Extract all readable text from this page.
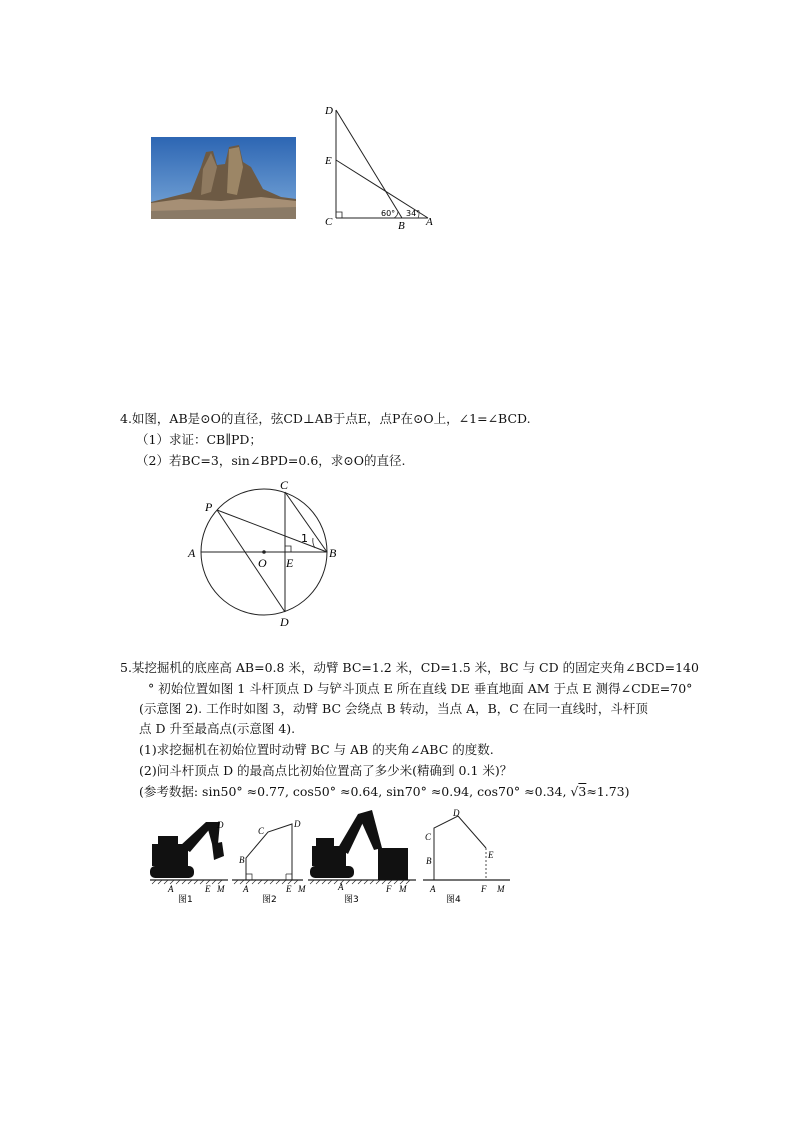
D
E
C	B A
60° 34°
4.如图，AB是⊙O的直径，弦CD⊥AB于点E，点P在⊙O上，∠1=∠BCD.
（1）求证：CB∥PD；
（2）若BC=3，sin∠BPD=0.6，求⊙O的直径.
P
C
A
O E
B
D
1
5.某挖掘机的底座高 AB=0.8 米，动臂 BC=1.2 米，CD=1.5 米，BC 与 CD 的固定夹角∠BCD=140
° 初始位置如图 1 斗杆顶点 D 与铲斗顶点 E 所在直线 DE 垂直地面 AM 于点 E 测得∠CDE=70°
(示意图 2). 工作时如图 3，动臂 BC 会绕点 B 转动，当点 A，B，C 在同一直线时，斗杆顶
点 D 升至最高点(示意图 4).
(1)求挖掘机在初始位置时动臂 BC 与 AB 的夹角∠ABC 的度数.
(2)问斗杆顶点 D 的最高点比初始位置高了多少米(精确到 0.1 米)？
(参考数据: sin50° ≈0.77, cos50° ≈0.64, sin70° ≈0.94, cos70° ≈0.34, √3≈1.73)
D
A	E M
C
D
B
A	E M	A	F M
D
C
B
E
A	F M
图1	图2	图3	图4
